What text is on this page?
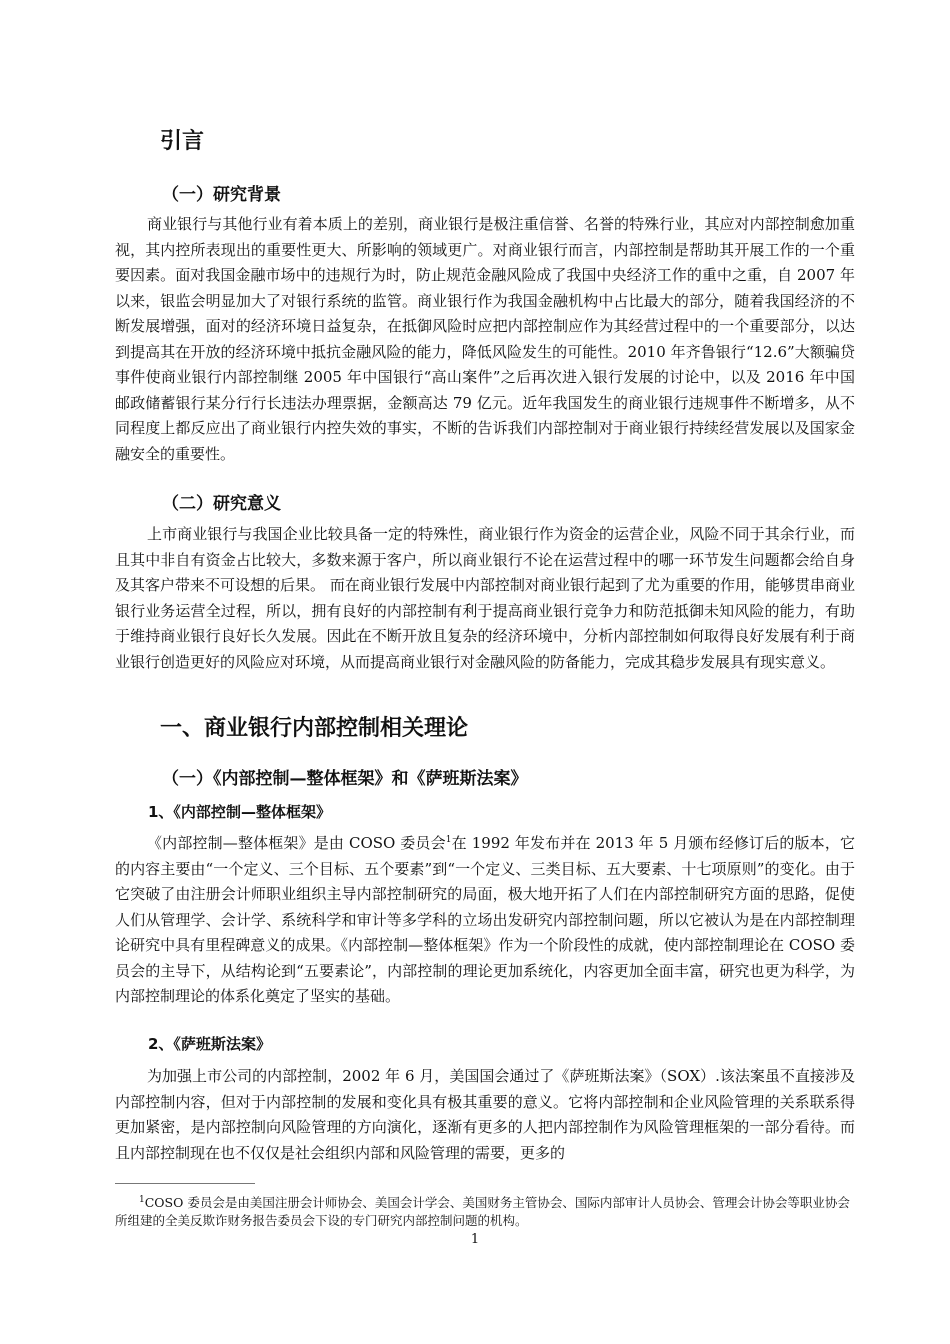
引言
（一）研究背景

商业银行与其他行业有着本质上的差别，商业银行是极注重信誉、名誉的特殊行业，其应对内部控制愈加重视，其内控所表现出的重要性更大、所影响的领域更广。对商业银行而言，内部控制是帮助其开展工作的一个重要因素。面对我国金融市场中的违规行为时，防止规范金融风险成了我国中央经济工作的重中之重，自 2007 年以来，银监会明显加大了对银行系统的监管。商业银行作为我国金融机构中占比最大的部分，随着我国经济的不断发展增强，面对的经济环境日益复杂，在抵御风险时应把内部控制应作为其经营过程中的一个重要部分，以达到提高其在开放的经济环境中抵抗金融风险的能力，降低风险发生的可能性。2010 年齐鲁银行“12.6”大额骗贷事件使商业银行内部控制继 2005 年中国银行“高山案件”之后再次进入银行发展的讨论中，以及 2016 年中国邮政储蓄银行某分行行长违法办理票据，金额高达 79 亿元。近年我国发生的商业银行违规事件不断增多，从不同程度上都反应出了商业银行内控失效的事实，不断的告诉我们内部控制对于商业银行持续经营发展以及国家金融安全的重要性。

（二）研究意义

上市商业银行与我国企业比较具备一定的特殊性，商业银行作为资金的运营企业，风险不同于其余行业，而且其中非自有资金占比较大，多数来源于客户，所以商业银行不论在运营过程中的哪一环节发生问题都会给自身及其客户带来不可设想的后果。 而在商业银行发展中内部控制对商业银行起到了尤为重要的作用，能够贯串商业银行业务运营全过程，所以，拥有良好的内部控制有利于提高商业银行竞争力和防范抵御未知风险的能力，有助于维持商业银行良好长久发展。因此在不断开放且复杂的经济环境中，分析内部控制如何取得良好发展有利于商业银行创造更好的风险应对环境，从而提高商业银行对金融风险的防备能力，完成其稳步发展具有现实意义。

一、商业银行内部控制相关理论
（一）《内部控制—整体框架》和《萨班斯法案》
1、《内部控制—整体框架》

《内部控制—整体框架》是由 COSO 委员会$^1$在 1992 年发布并在 2013 年 5 月颁布经修订后的版本，它的内容主要由“一个定义、三个目标、五个要素”到“一个定义、三类目标、五大要素、十七项原则”的变化。由于它突破了由注册会计师职业组织主导内部控制研究的局面，极大地开拓了人们在内部控制研究方面的思路，促使人们从管理学、会计学、系统科学和审计等多学科的立场出发研究内部控制问题，所以它被认为是在内部控制理论研究中具有里程碑意义的成果。《内部控制—整体框架》作为一个阶段性的成就，使内部控制理论在 COSO 委员会的主导下，从结构论到“五要素论”，内部控制的理论更加系统化，内容更加全面丰富，研究也更为科学，为内部控制理论的体系化奠定了坚实的基础。

2、《萨班斯法案》

为加强上市公司的内部控制，2002 年 6 月，美国国会通过了《萨班斯法案》（SOX）.该法案虽不直接涉及内部控制内容，但对于内部控制的发展和变化具有极其重要的意义。它将内部控制和企业风险管理的关系联系得更加紧密，是内部控制向风险管理的方向演化，逐渐有更多的人把内部控制作为风险管理框架的一部分看待。而且内部控制现在也不仅仅是社会组织内部和风险管理的需要，更多的

$^1$COSO 委员会是由美国注册会计师协会、美国会计学会、美国财务主管协会、国际内部审计人员协会、管理会计协会等职业协会所组建的全美反欺诈财务报告委员会下设的专门研究内部控制问题的机构。

1
